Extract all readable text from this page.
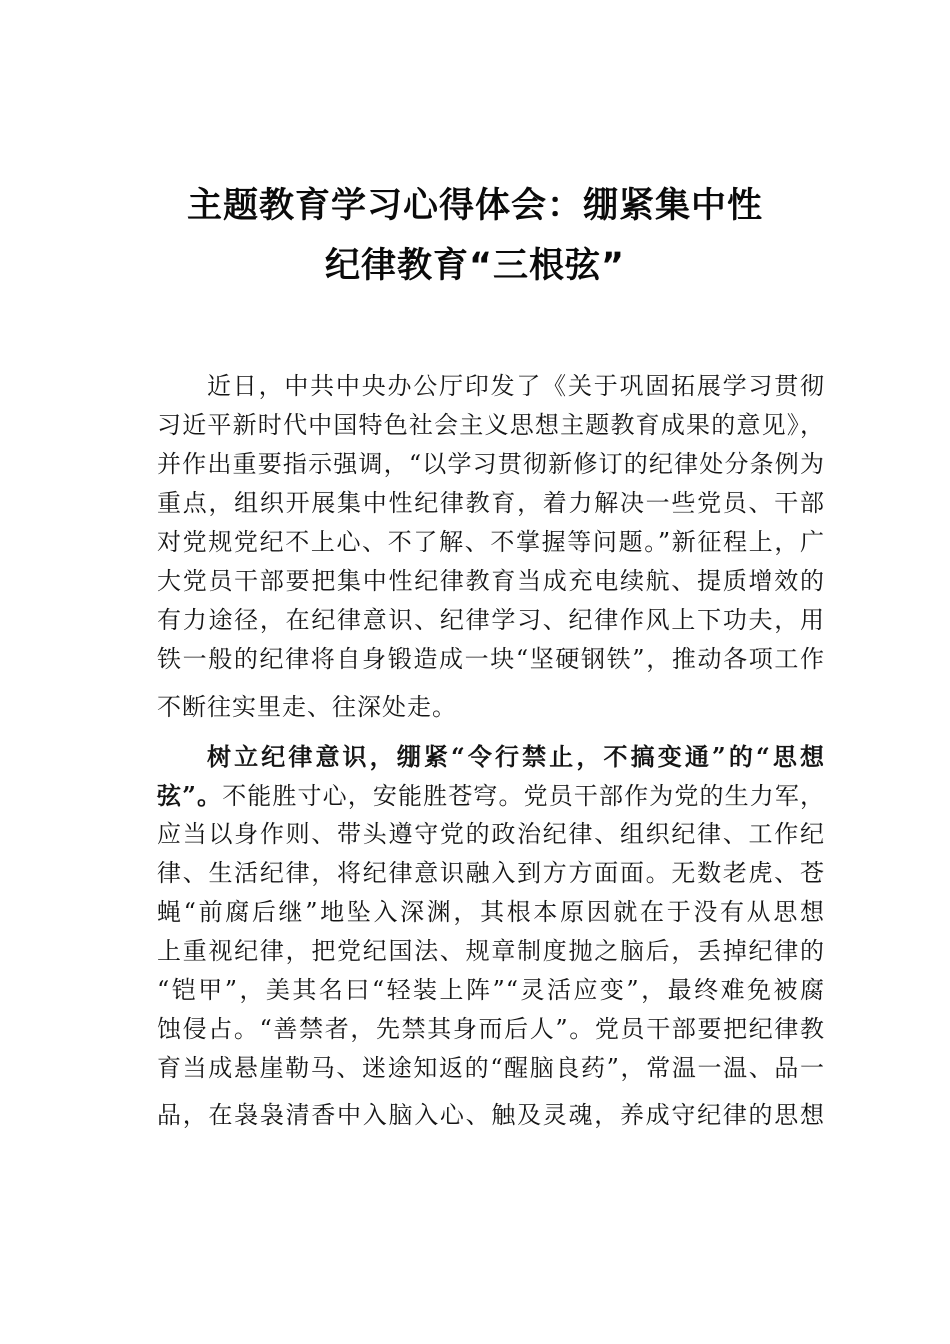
主题教育学习心得体会：绷紧集中性
纪律教育“三根弦”
近日，中共中央办公厅印发了《关于巩固拓展学习贯彻
习近平新时代中国特色社会主义思想主题教育成果的意见》，
并作出重要指示强调，“以学习贯彻新修订的纪律处分条例为
重点，组织开展集中性纪律教育，着力解决一些党员、干部
对党规党纪不上心、不了解、不掌握等问题。”新征程上，广
大党员干部要把集中性纪律教育当成充电续航、提质增效的
有力途径，在纪律意识、纪律学习、纪律作风上下功夫，用
铁一般的纪律将自身锻造成一块“坚硬钢铁”，推动各项工作
不断往实里走、往深处走。
树立纪律意识，绷紧“令行禁止，不搞变通”的“思想
弦”。不能胜寸心，安能胜苍穹。党员干部作为党的生力军，
应当以身作则、带头遵守党的政治纪律、组织纪律、工作纪
律、生活纪律，将纪律意识融入到方方面面。无数老虎、苍
蝇“前腐后继”地坠入深渊，其根本原因就在于没有从思想
上重视纪律，把党纪国法、规章制度抛之脑后，丢掉纪律的
“铠甲”，美其名曰“轻装上阵”“灵活应变”，最终难免被腐
蚀侵占。“善禁者，先禁其身而后人”。党员干部要把纪律教
育当成悬崖勒马、迷途知返的“醒脑良药”，常温一温、品一
品，在袅袅清香中入脑入心、触及灵魂，养成守纪律的思想
